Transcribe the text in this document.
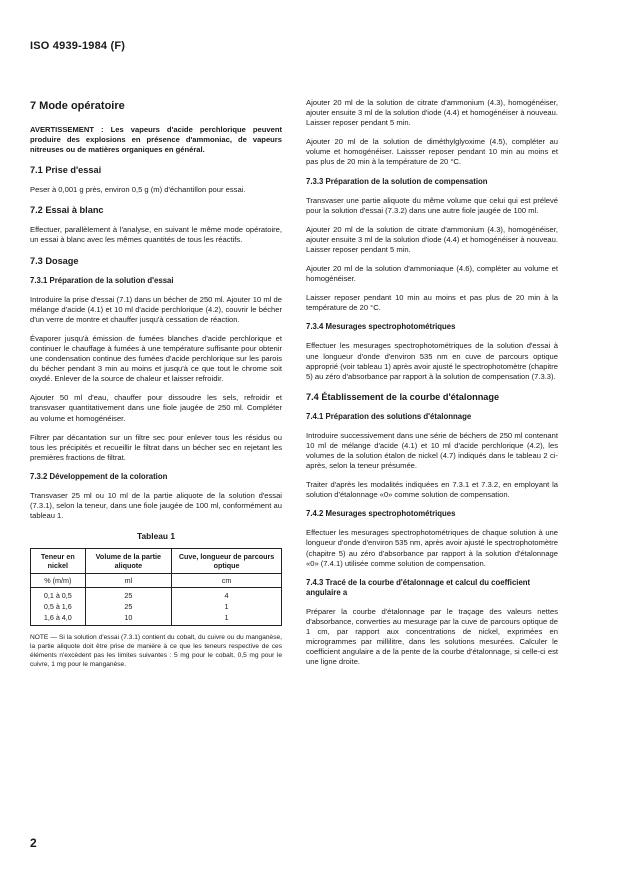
ISO 4939-1984 (F)
7 Mode opératoire

AVERTISSEMENT : Les vapeurs d'acide perchlorique peuvent produire des explosions en présence d'ammoniac, de vapeurs nitreuses ou de matières organiques en général.

7.1 Prise d'essai

Peser à 0,001 g près, environ 0,5 g (m) d'échantillon pour essai.

7.2 Essai à blanc

Effectuer, parallèlement à l'analyse, en suivant le même mode opératoire, un essai à blanc avec les mêmes quantités de tous les réactifs.

7.3 Dosage
7.3.1 Préparation de la solution d'essai

Introduire la prise d'essai (7.1) dans un bécher de 250 ml. Ajouter 10 ml de mélange d'acide (4.1) et 10 ml d'acide perchlorique (4.2), couvrir le bécher d'un verre de montre et chauffer jusqu'à cessation de réaction.

Évaporer jusqu'à émission de fumées blanches d'acide perchlorique et continuer le chauffage à fumées à une température suffisante pour obtenir une condensation continue des fumées d'acide perchlorique sur les parois du bécher pendant 3 min au moins et jusqu'à ce que tout le chrome soit oxydé. Enlever de la source de chaleur et laisser refroidir.

Ajouter 50 ml d'eau, chauffer pour dissoudre les sels, refroidir et transvaser quantitativement dans une fiole jaugée de 250 ml. Compléter au volume et homogénéiser.

Filtrer par décantation sur un filtre sec pour enlever tous les résidus ou tous les précipités et recueillir le filtrat dans un bécher sec en rejetant les premières fractions de filtrat.

7.3.2 Développement de la coloration

Transvaser 25 ml ou 10 ml de la partie aliquote de la solution d'essai (7.3.1), selon la teneur, dans une fiole jaugée de 100 ml, conformément au tableau 1.

Tableau 1
Teneur en nickel	Volume de la partie aliquote	Cuve, longueur de parcours optique
% (m/m)	ml	cm
0,1 à 0,5	25	4
0,5 à 1,6	25	1
1,6 à 4,0	10	1

NOTE — Si la solution d'essai (7.3.1) contient du cobalt, du cuivre ou du manganèse, la partie aliquote doit être prise de manière à ce que les teneurs respective de ces éléments n'excèdent pas les limites suivantes : 5 mg pour le cobalt, 0,5 mg pour le cuivre, 1 mg pour le manganèse.

Ajouter 20 ml de la solution de citrate d'ammonium (4.3), homogénéiser, ajouter ensuite 3 ml de la solution d'iode (4.4) et homogénéiser à nouveau. Laisser reposer pendant 5 min.

Ajouter 20 ml de la solution de diméthylglyoxime (4.5), compléter au volume et homogénéiser. Laissser reposer pendant 10 min au moins et pas plus de 20 min à la température de 20 °C.

7.3.3 Préparation de la solution de compensation

Transvaser une partie aliquote du même volume que celui qui est prélevé pour la solution d'essai (7.3.2) dans une autre fiole jaugée de 100 ml.

Ajouter 20 ml de la solution de citrate d'ammonium (4.3), homogénéiser, ajouter ensuite 3 ml de la solution d'iode (4.4) et homogénéiser à nouveau. Laisser reposer pendant 5 min.

Ajouter 20 ml de la solution d'ammoniaque (4.6), compléter au volume et homogénéiser.

Laisser reposer pendant 10 min au moins et pas plus de 20 min à la température de 20 °C.

7.3.4 Mesurages spectrophotométriques

Effectuer les mesurages spectrophotométriques de la solution d'essai à une longueur d'onde d'environ 535 nm en cuve de parcours optique approprié (voir tableau 1) après avoir ajusté le spectrophotomètre (chapitre 5) au zéro d'absorbance par rapport à la solution de compensation (7.3.3).

7.4 Établissement de la courbe d'étalonnage
7.4.1 Préparation des solutions d'étalonnage

Introduire successivement dans une série de béchers de 250 ml contenant 10 ml de mélange d'acide (4.1) et 10 ml d'acide perchlorique (4.2), les volumes de la solution étalon de nickel (4.7) indiqués dans le tableau 2 ci-après, selon la teneur présumée.

Traiter d'après les modalités indiquées en 7.3.1 et 7.3.2, en employant la solution d'étalonnage «0» comme solution de compensation.

7.4.2 Mesurages spectrophotométriques

Effectuer les mesurages spectrophotométriques de chaque solution à une longueur d'onde d'environ 535 nm, après avoir ajusté le spectrophotomètre (chapitre 5) au zéro d'absorbance par rapport à la solution d'étalonnage «0» (7.4.1) utilisée comme solution de compensation.

7.4.3 Tracé de la courbe d'étalonnage et calcul du coefficient angulaire a

Préparer la courbe d'étalonnage par le traçage des valeurs nettes d'absorbance, converties au mesurage par la cuve de parcours optique de 1 cm, par rapport aux concentrations de nickel, exprimées en microgrammes par millilitre, dans les solutions mesurées. Calculer le coefficient angulaire a de la pente de la courbe d'étalonnage, si celle-ci est une ligne droite.

2
